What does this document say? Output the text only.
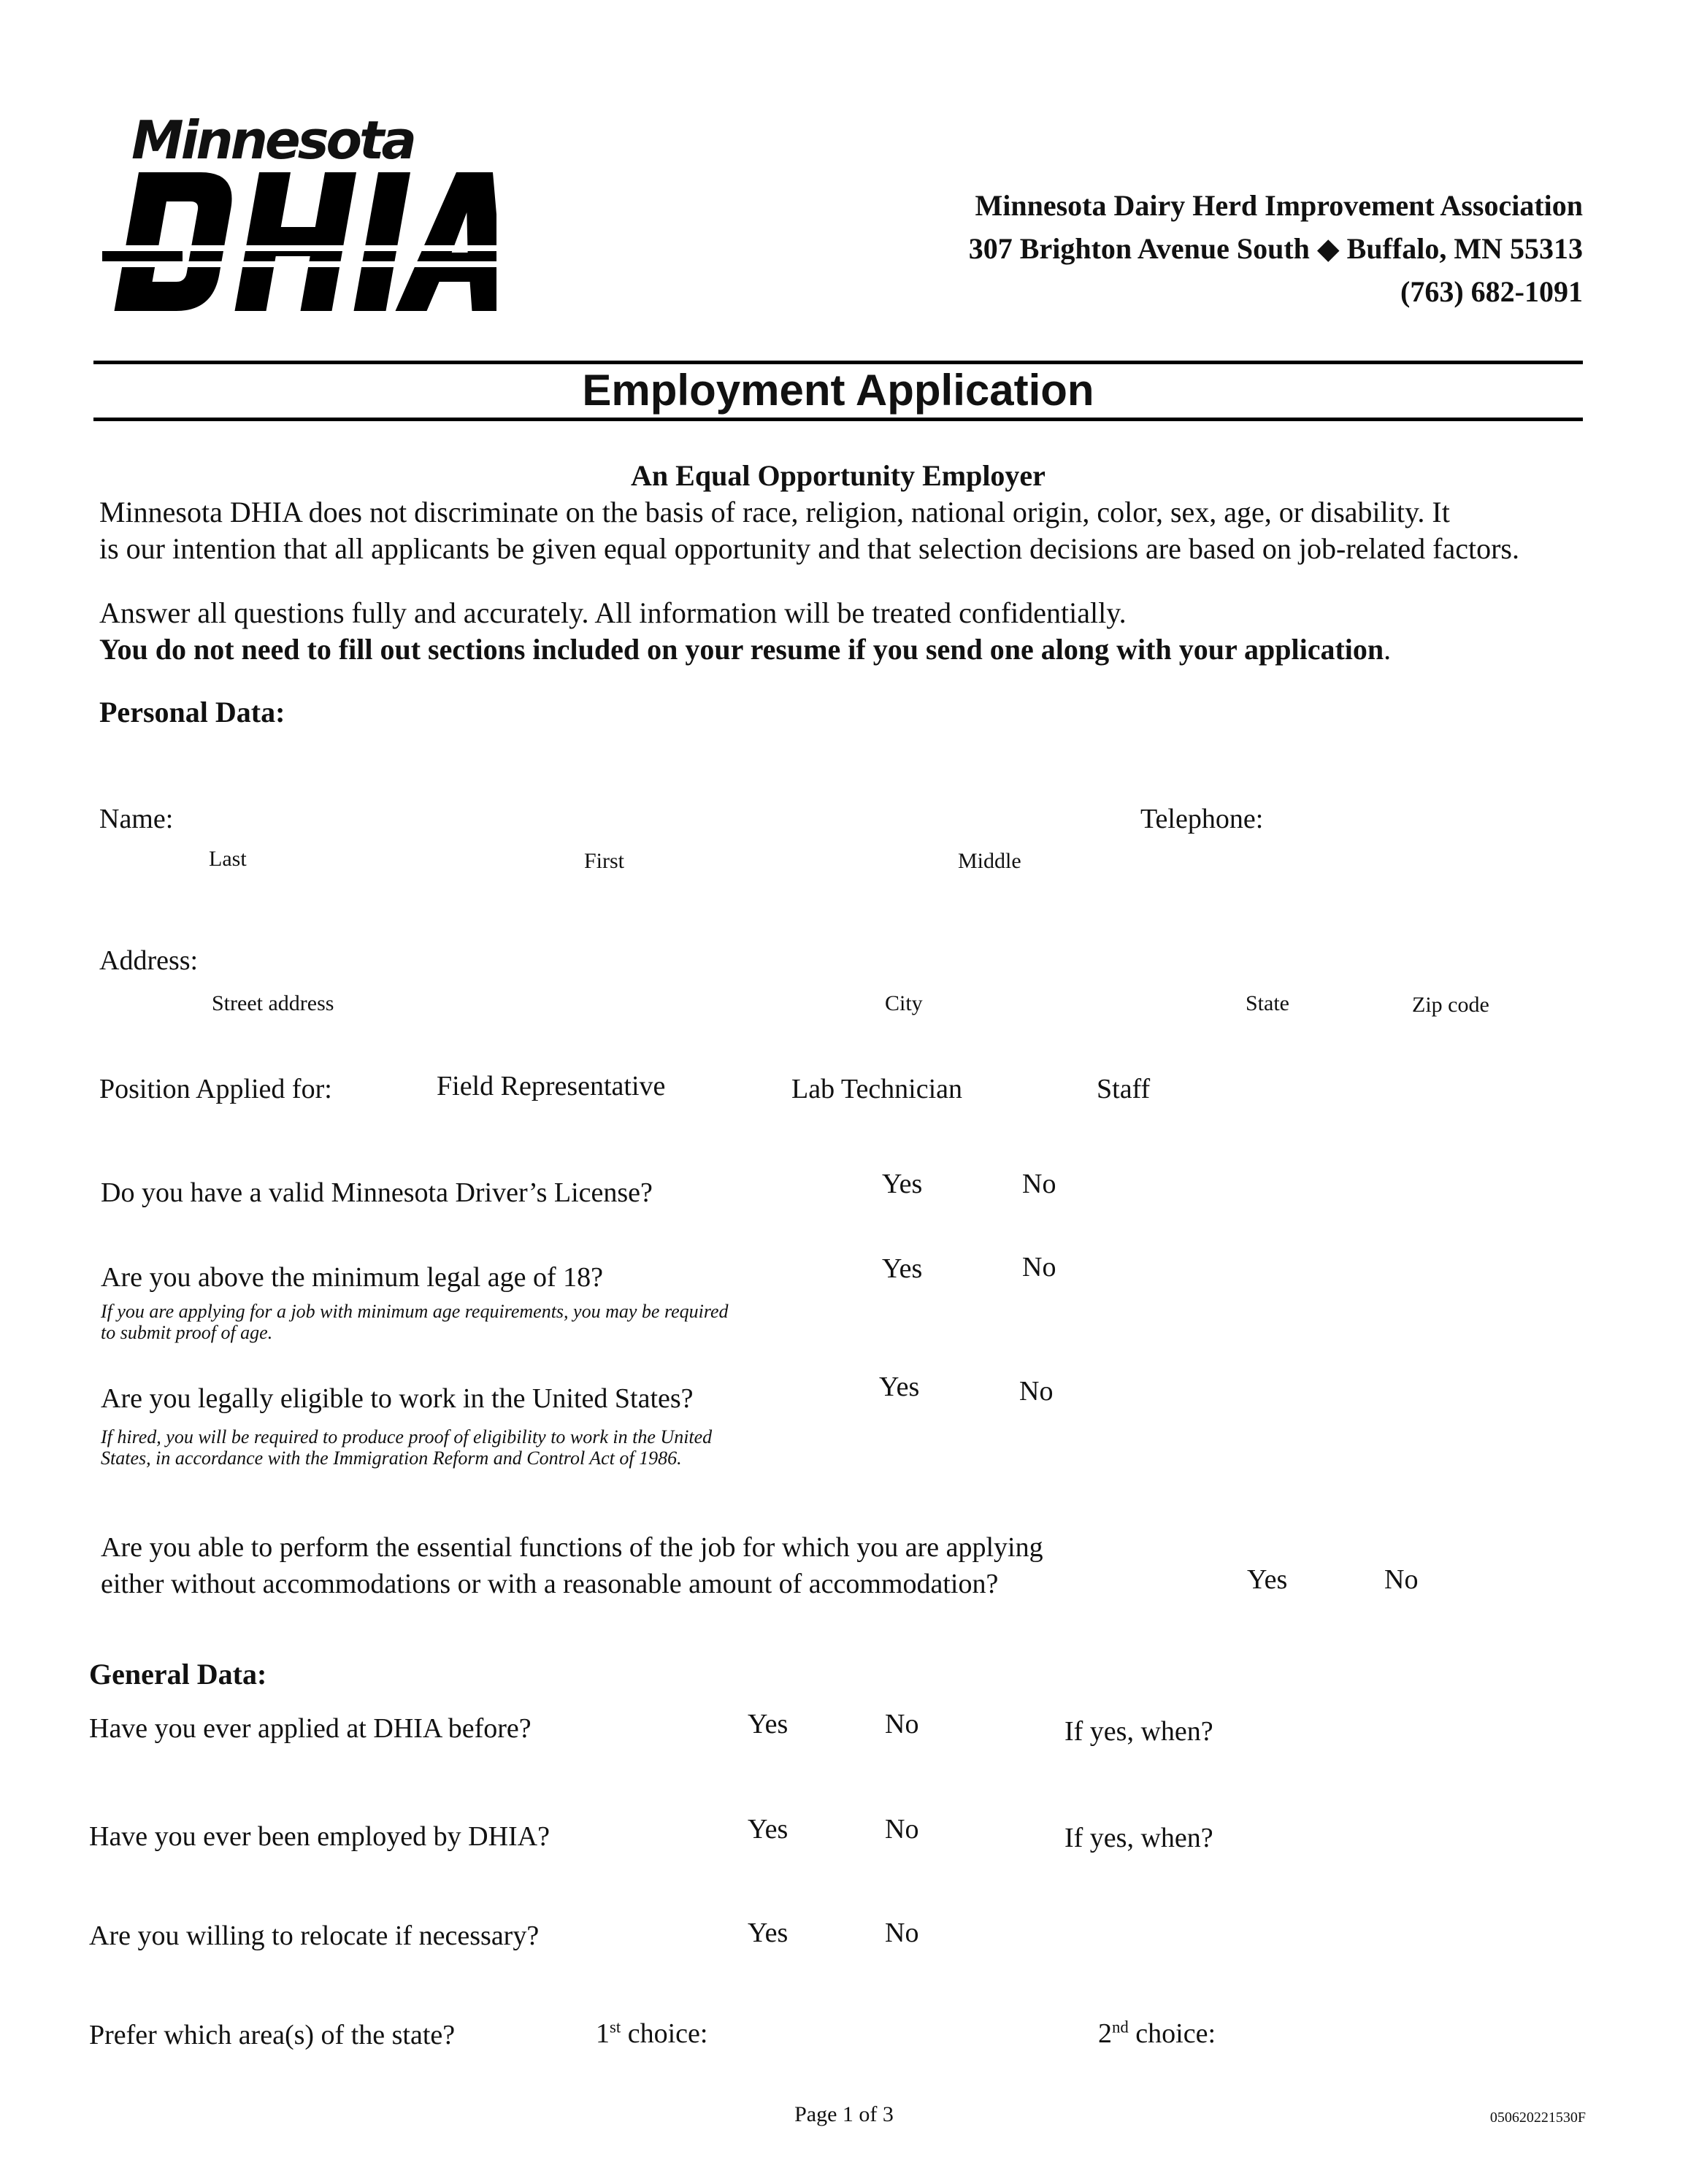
Minnesota
DHIA
Minnesota Dairy Herd Improvement Association
307 Brighton Avenue South ◆ Buffalo, MN 55313
(763) 682-1091
Employment Application
An Equal Opportunity Employer
Minnesota DHIA does not discriminate on the basis of race, religion, national origin, color, sex, age, or disability. It
is our intention that all applicants be given equal opportunity and that selection decisions are based on job-related factors.
Answer all questions fully and accurately. All information will be treated confidentially.
You do not need to fill out sections included on your resume if you send one along with your application.
Personal Data:
Name:	Telephone:
Last	First	Middle
Address:
Street address	City	State	Zip code
Position Applied for:	Field Representative	Lab Technician	Staff
Do you have a valid Minnesota Driver’s License?	Yes	No
Are you above the minimum legal age of 18?	Yes	No
If you are applying for a job with minimum age requirements, you may be required to submit proof of age.
Are you legally eligible to work in the United States?	Yes	No
If hired, you will be required to produce proof of eligibility to work in the United States, in accordance with the Immigration Reform and Control Act of 1986.
Are you able to perform the essential functions of the job for which you are applying
either without accommodations or with a reasonable amount of accommodation?	Yes	No
General Data:
Have you ever applied at DHIA before?	Yes	No	If yes, when?
Have you ever been employed by DHIA?	Yes	No	If yes, when?
Are you willing to relocate if necessary?	Yes	No
Prefer which area(s) of the state?	1st choice:	2nd choice:
Page 1 of 3	050620221530F
